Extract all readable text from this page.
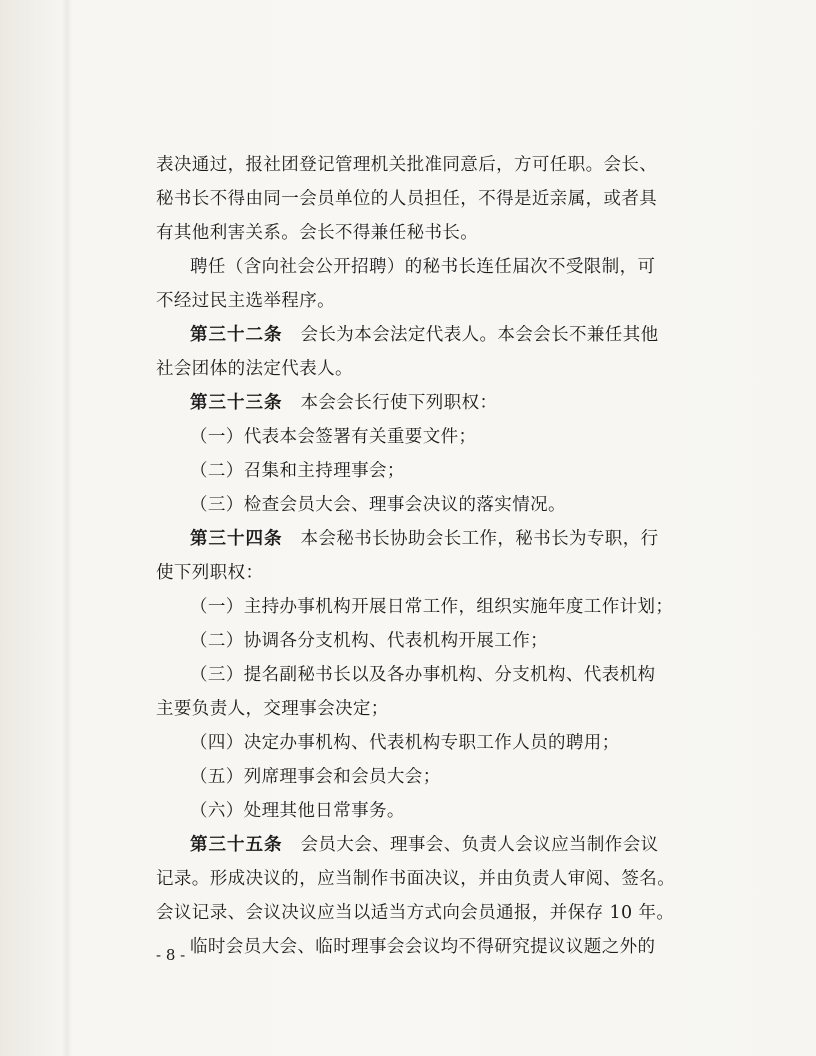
表决通过，报社团登记管理机关批准同意后，方可任职。会长、
秘书长不得由同一会员单位的人员担任，不得是近亲属，或者具
有其他利害关系。会长不得兼任秘书长。
聘任（含向社会公开招聘）的秘书长连任届次不受限制，可
不经过民主选举程序。
第三十二条 会长为本会法定代表人。本会会长不兼任其他
社会团体的法定代表人。
第三十三条 本会会长行使下列职权：
（一）代表本会签署有关重要文件；
（二）召集和主持理事会；
（三）检查会员大会、理事会决议的落实情况。
第三十四条 本会秘书长协助会长工作，秘书长为专职，行
使下列职权：
（一）主持办事机构开展日常工作，组织实施年度工作计划；
（二）协调各分支机构、代表机构开展工作；
（三）提名副秘书长以及各办事机构、分支机构、代表机构
主要负责人，交理事会决定；
（四）决定办事机构、代表机构专职工作人员的聘用；
（五）列席理事会和会员大会；
（六）处理其他日常事务。
第三十五条 会员大会、理事会、负责人会议应当制作会议
记录。形成决议的，应当制作书面决议，并由负责人审阅、签名。
会议记录、会议决议应当以适当方式向会员通报，并保存 10 年。
临时会员大会、临时理事会会议均不得研究提议议题之外的
- 8 -
